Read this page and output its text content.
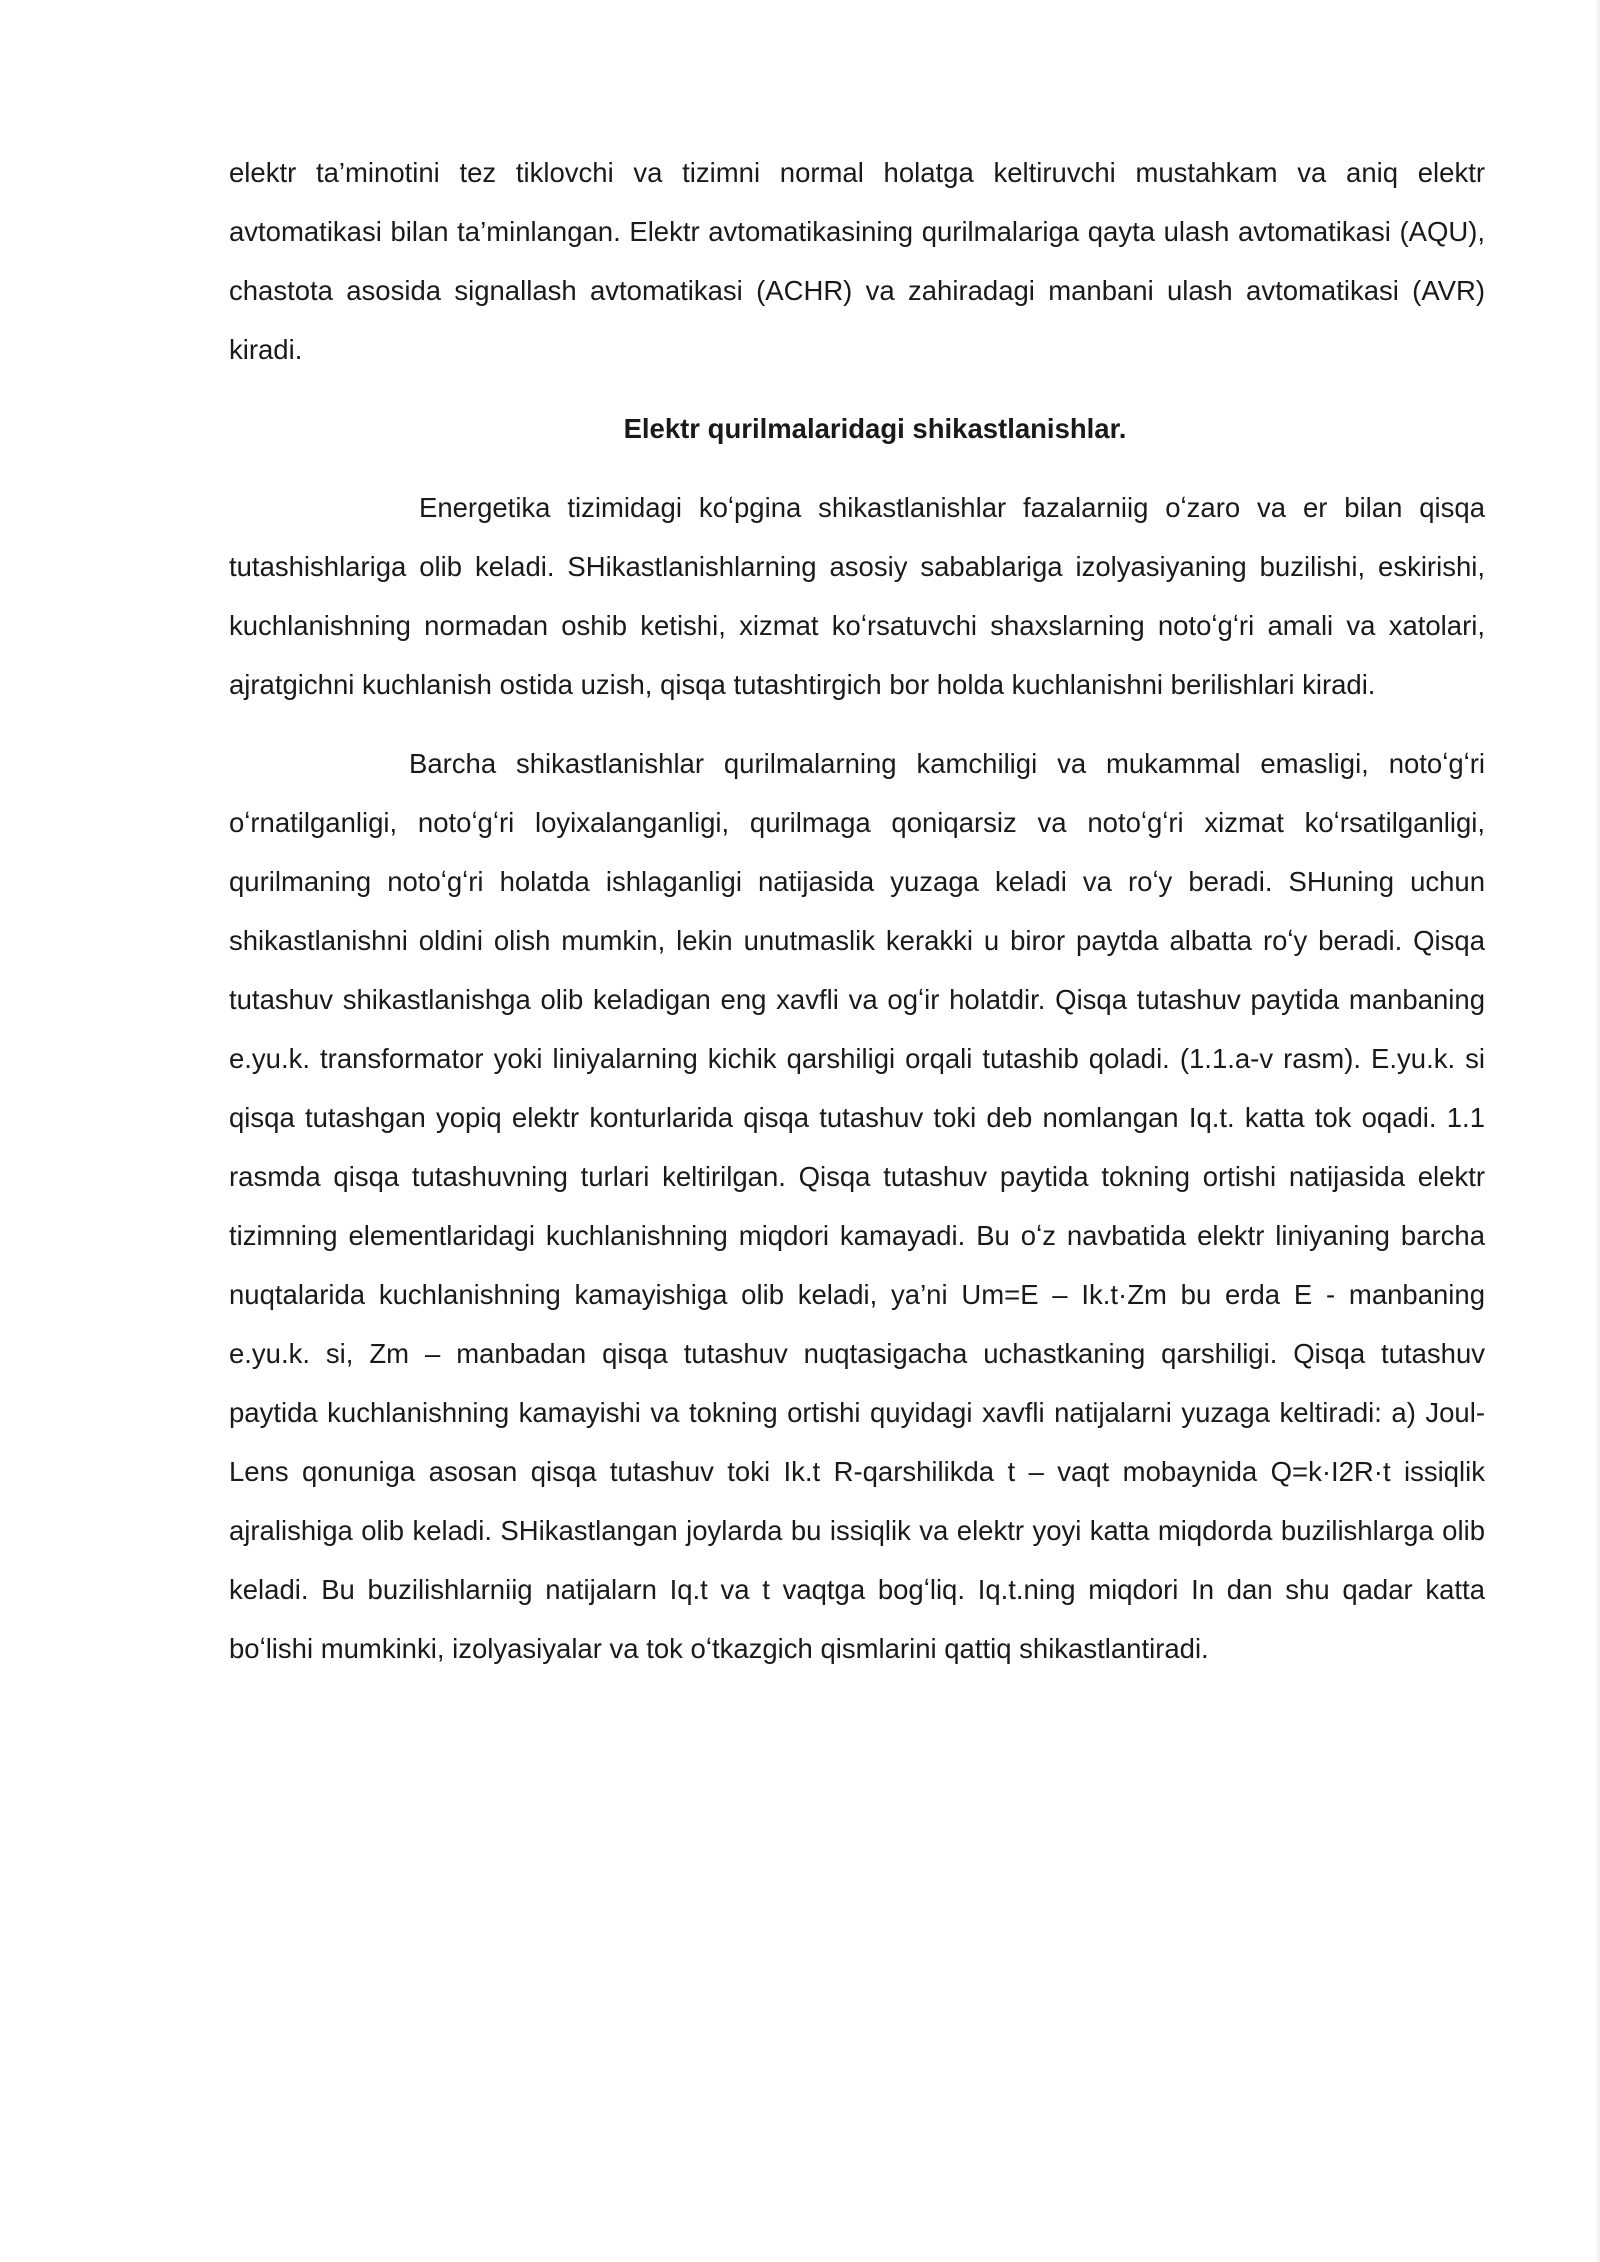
elektr ta’minotini tez tiklovchi va tizimni normal holatga keltiruvchi mustahkam va aniq elektr avtomatikasi bilan ta’minlangan. Elektr avtomatikasining qurilmalariga qayta ulash avtomatikasi (AQU), chastota asosida signallash avtomatikasi (ACHR) va zahiradagi manbani ulash avtomatikasi (AVR) kiradi.

Elektr qurilmalaridagi shikastlanishlar.

Energetika tizimidagi koʻpgina shikastlanishlar fazalarniig oʻzaro va er bilan qisqa tutashishlariga olib keladi. SHikastlanishlarning asosiy sabablariga izolyasiyaning buzilishi, eskirishi, kuchlanishning normadan oshib ketishi, xizmat koʻrsatuvchi shaxslarning notoʻgʻri amali va xatolari, ajratgichni kuchlanish ostida uzish, qisqa tutashtirgich bor holda kuchlanishni berilishlari kiradi.

Barcha shikastlanishlar qurilmalarning kamchiligi va mukammal emasligi, notoʻgʻri oʻrnatilganligi, notoʻgʻri loyixalanganligi, qurilmaga qoniqarsiz va notoʻgʻri xizmat koʻrsatilganligi, qurilmaning notoʻgʻri holatda ishlaganligi natijasida yuzaga keladi va roʻy beradi. SHuning uchun shikastlanishni oldini olish mumkin, lekin unutmaslik kerakki u biror paytda albatta roʻy beradi. Qisqa tutashuv shikastlanishga olib keladigan eng xavfli va ogʻir holatdir. Qisqa tutashuv paytida manbaning e.yu.k. transformator yoki liniyalarning kichik qarshiligi orqali tutashib qoladi. (1.1.a-v rasm). E.yu.k. si qisqa tutashgan yopiq elektr konturlarida qisqa tutashuv toki deb nomlangan Iq.t. katta tok oqadi. 1.1 rasmda qisqa tutashuvning turlari keltirilgan. Qisqa tutashuv paytida tokning ortishi natijasida elektr tizimning elementlaridagi kuchlanishning miqdori kamayadi. Bu oʻz navbatida elektr liniyaning barcha nuqtalarida kuchlanishning kamayishiga olib keladi, ya’ni Um=E – Ik.t·Zm bu erda E - manbaning e.yu.k. si, Zm – manbadan qisqa tutashuv nuqtasigacha uchastkaning qarshiligi. Qisqa tutashuv paytida kuchlanishning kamayishi va tokning ortishi quyidagi xavfli natijalarni yuzaga keltiradi: a) Joul-Lens qonuniga asosan qisqa tutashuv toki Ik.t R-qarshilikda t – vaqt mobaynida Q=k·I2R·t issiqlik ajralishiga olib keladi. SHikastlangan joylarda bu issiqlik va elektr yoyi katta miqdorda buzilishlarga olib keladi. Bu buzilishlarniig natijalarn Iq.t va t vaqtga bogʻliq. Iq.t.ning miqdori In dan shu qadar katta boʻlishi mumkinki, izolyasiyalar va tok oʻtkazgich qismlarini qattiq shikastlantiradi.
